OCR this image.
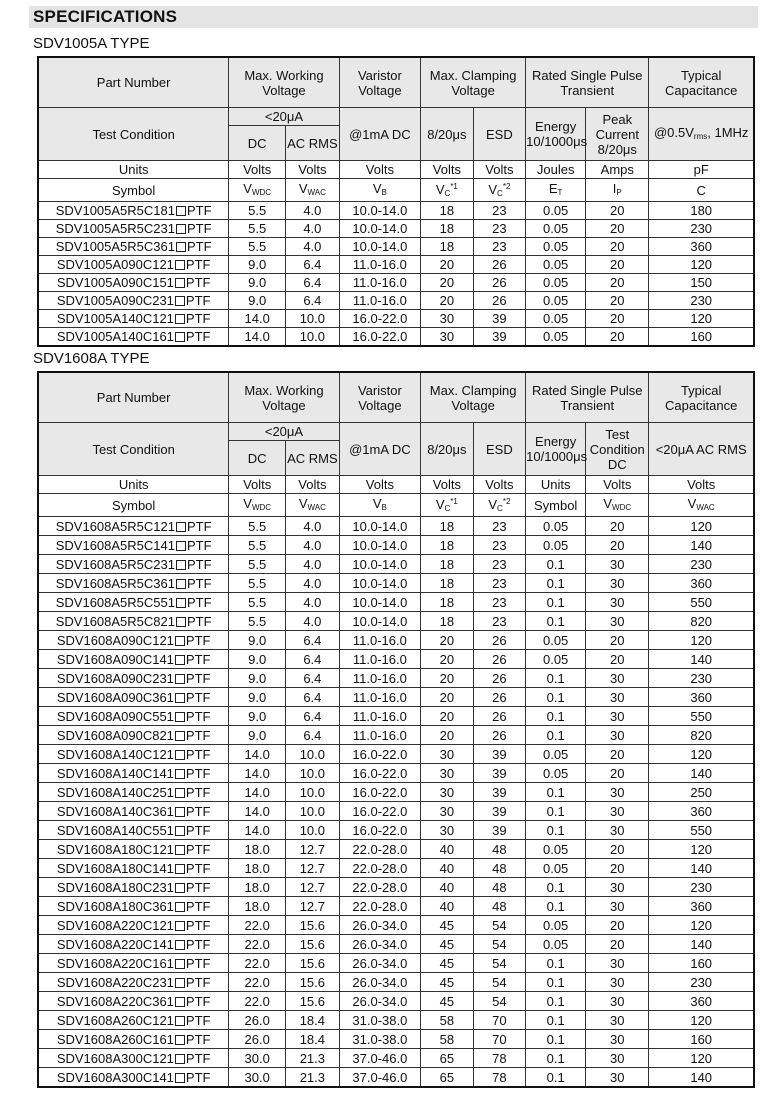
SPECIFICATIONS
SDV1005A TYPE
Part Number	Max. Working Voltage		Varistor Voltage	Max. Clamping Voltage		Rated Single Pulse Transient		Typical Capacitance
Test Condition	<20μA		@1mA DC	8/20μs	ESD	Energy 10/1000μs	Peak Current 8/20μs	$@0.5V_{rms}$, 1MHz
	DC	AC RMS						
Units	Volts	Volts	Volts	Volts	Volts	Joules	Amps	pF
Symbol	$V_{WDC}$	$V_{WAC}$	$V_B$	$V_C^{*1}$	$V_C^{*2}$	$E_T$	$I_P$	C
SDV1005A5R5C181 PTF	5.5	4.0	10.0-14.0	18	23	0.05	20	180
SDV1005A5R5C231 PTF	5.5	4.0	10.0-14.0	18	23	0.05	20	230
SDV1005A5R5C361 PTF	5.5	4.0	10.0-14.0	18	23	0.05	20	360
SDV1005A090C121 PTF	9.0	6.4	11.0-16.0	20	26	0.05	20	120
SDV1005A090C151 PTF	9.0	6.4	11.0-16.0	20	26	0.05	20	150
SDV1005A090C231 PTF	9.0	6.4	11.0-16.0	20	26	0.05	20	230
SDV1005A140C121 PTF	14.0	10.0	16.0-22.0	30	39	0.05	20	120
SDV1005A140C161 PTF	14.0	10.0	16.0-22.0	30	39	0.05	20	160
SDV1608A TYPE
Part Number	Max. Working Voltage		Varistor Voltage	Max. Clamping Voltage		Rated Single Pulse Transient		Typical Capacitance
Test Condition	<20μA		@1mA DC	8/20μs	ESD	Energy 10/1000μs	Test Condition DC	<20μA AC RMS
	DC	AC RMS						
Units	Volts	Volts	Volts	Volts	Volts	Units	Volts	Volts
Symbol	$V_{WDC}$	$V_{WAC}$	$V_B$	$V_C^{*1}$	$V_C^{*2}$	Symbol	$V_{WDC}$	$V_{WAC}$
SDV1608A5R5C121 PTF	5.5	4.0	10.0-14.0	18	23	0.05	20	120
SDV1608A5R5C141 PTF	5.5	4.0	10.0-14.0	18	23	0.05	20	140
SDV1608A5R5C231 PTF	5.5	4.0	10.0-14.0	18	23	0.1	30	230
SDV1608A5R5C361 PTF	5.5	4.0	10.0-14.0	18	23	0.1	30	360
SDV1608A5R5C551 PTF	5.5	4.0	10.0-14.0	18	23	0.1	30	550
SDV1608A5R5C821 PTF	5.5	4.0	10.0-14.0	18	23	0.1	30	820
SDV1608A090C121 PTF	9.0	6.4	11.0-16.0	20	26	0.05	20	120
SDV1608A090C141 PTF	9.0	6.4	11.0-16.0	20	26	0.05	20	140
SDV1608A090C231 PTF	9.0	6.4	11.0-16.0	20	26	0.1	30	230
SDV1608A090C361 PTF	9.0	6.4	11.0-16.0	20	26	0.1	30	360
SDV1608A090C551 PTF	9.0	6.4	11.0-16.0	20	26	0.1	30	550
SDV1608A090C821 PTF	9.0	6.4	11.0-16.0	20	26	0.1	30	820
SDV1608A140C121 PTF	14.0	10.0	16.0-22.0	30	39	0.05	20	120
SDV1608A140C141 PTF	14.0	10.0	16.0-22.0	30	39	0.05	20	140
SDV1608A140C251 PTF	14.0	10.0	16.0-22.0	30	39	0.1	30	250
SDV1608A140C361 PTF	14.0	10.0	16.0-22.0	30	39	0.1	30	360
SDV1608A140C551 PTF	14.0	10.0	16.0-22.0	30	39	0.1	30	550
SDV1608A180C121 PTF	18.0	12.7	22.0-28.0	40	48	0.05	20	120
SDV1608A180C141 PTF	18.0	12.7	22.0-28.0	40	48	0.05	20	140
SDV1608A180C231 PTF	18.0	12.7	22.0-28.0	40	48	0.1	30	230
SDV1608A180C361 PTF	18.0	12.7	22.0-28.0	40	48	0.1	30	360
SDV1608A220C121 PTF	22.0	15.6	26.0-34.0	45	54	0.05	20	120
SDV1608A220C141 PTF	22.0	15.6	26.0-34.0	45	54	0.05	20	140
SDV1608A220C161 PTF	22.0	15.6	26.0-34.0	45	54	0.1	30	160
SDV1608A220C231 PTF	22.0	15.6	26.0-34.0	45	54	0.1	30	230
SDV1608A220C361 PTF	22.0	15.6	26.0-34.0	45	54	0.1	30	360
SDV1608A260C121 PTF	26.0	18.4	31.0-38.0	58	70	0.1	30	120
SDV1608A260C161 PTF	26.0	18.4	31.0-38.0	58	70	0.1	30	160
SDV1608A300C121 PTF	30.0	21.3	37.0-46.0	65	78	0.1	30	120
SDV1608A300C141 PTF	30.0	21.3	37.0-46.0	65	78	0.1	30	140
